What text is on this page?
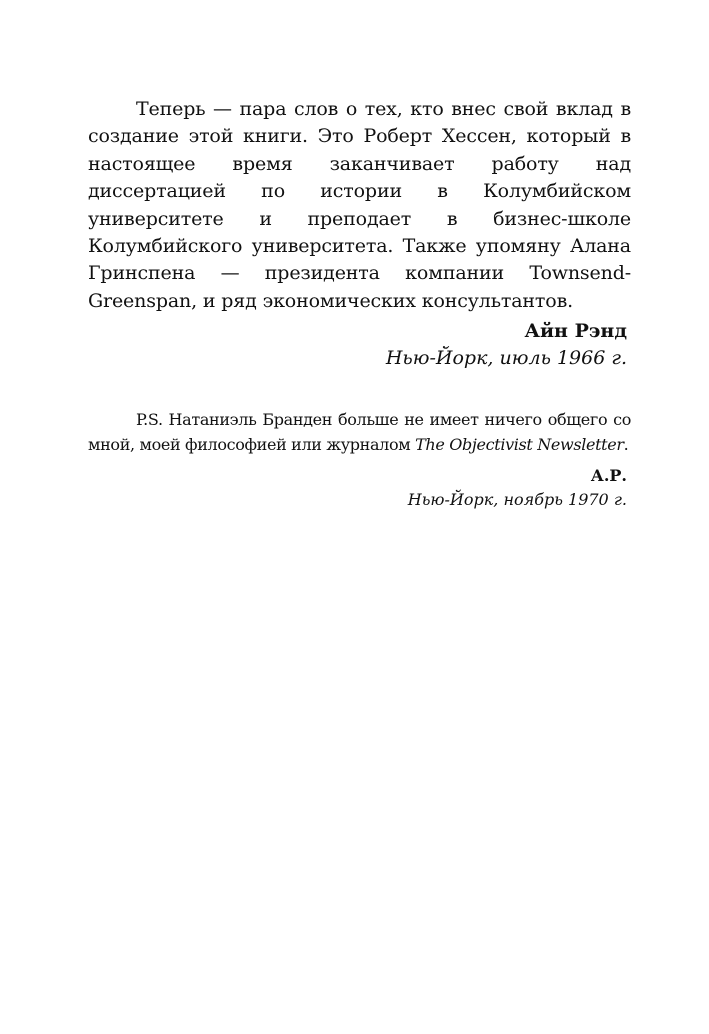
Теперь — пара слов о тех, кто внес свой вклад в создание этой книги. Это Роберт Хессен, который в настоящее время заканчивает работу над диссертацией по истории в Колумбийском университете и преподает в бизнес-школе Колумбийского университета. Также упомяну Алана Гринспена — президента компании Townsend-Greenspan, и ряд экономических консультантов.

Айн Рэнд
Нью-Йорк, июль 1966 г.

P.S. Натаниэль Бранден больше не имеет ничего общего со мной, моей философией или журналом The Objectivist Newsletter.

А.Р.
Нью-Йорк, ноябрь 1970 г.
